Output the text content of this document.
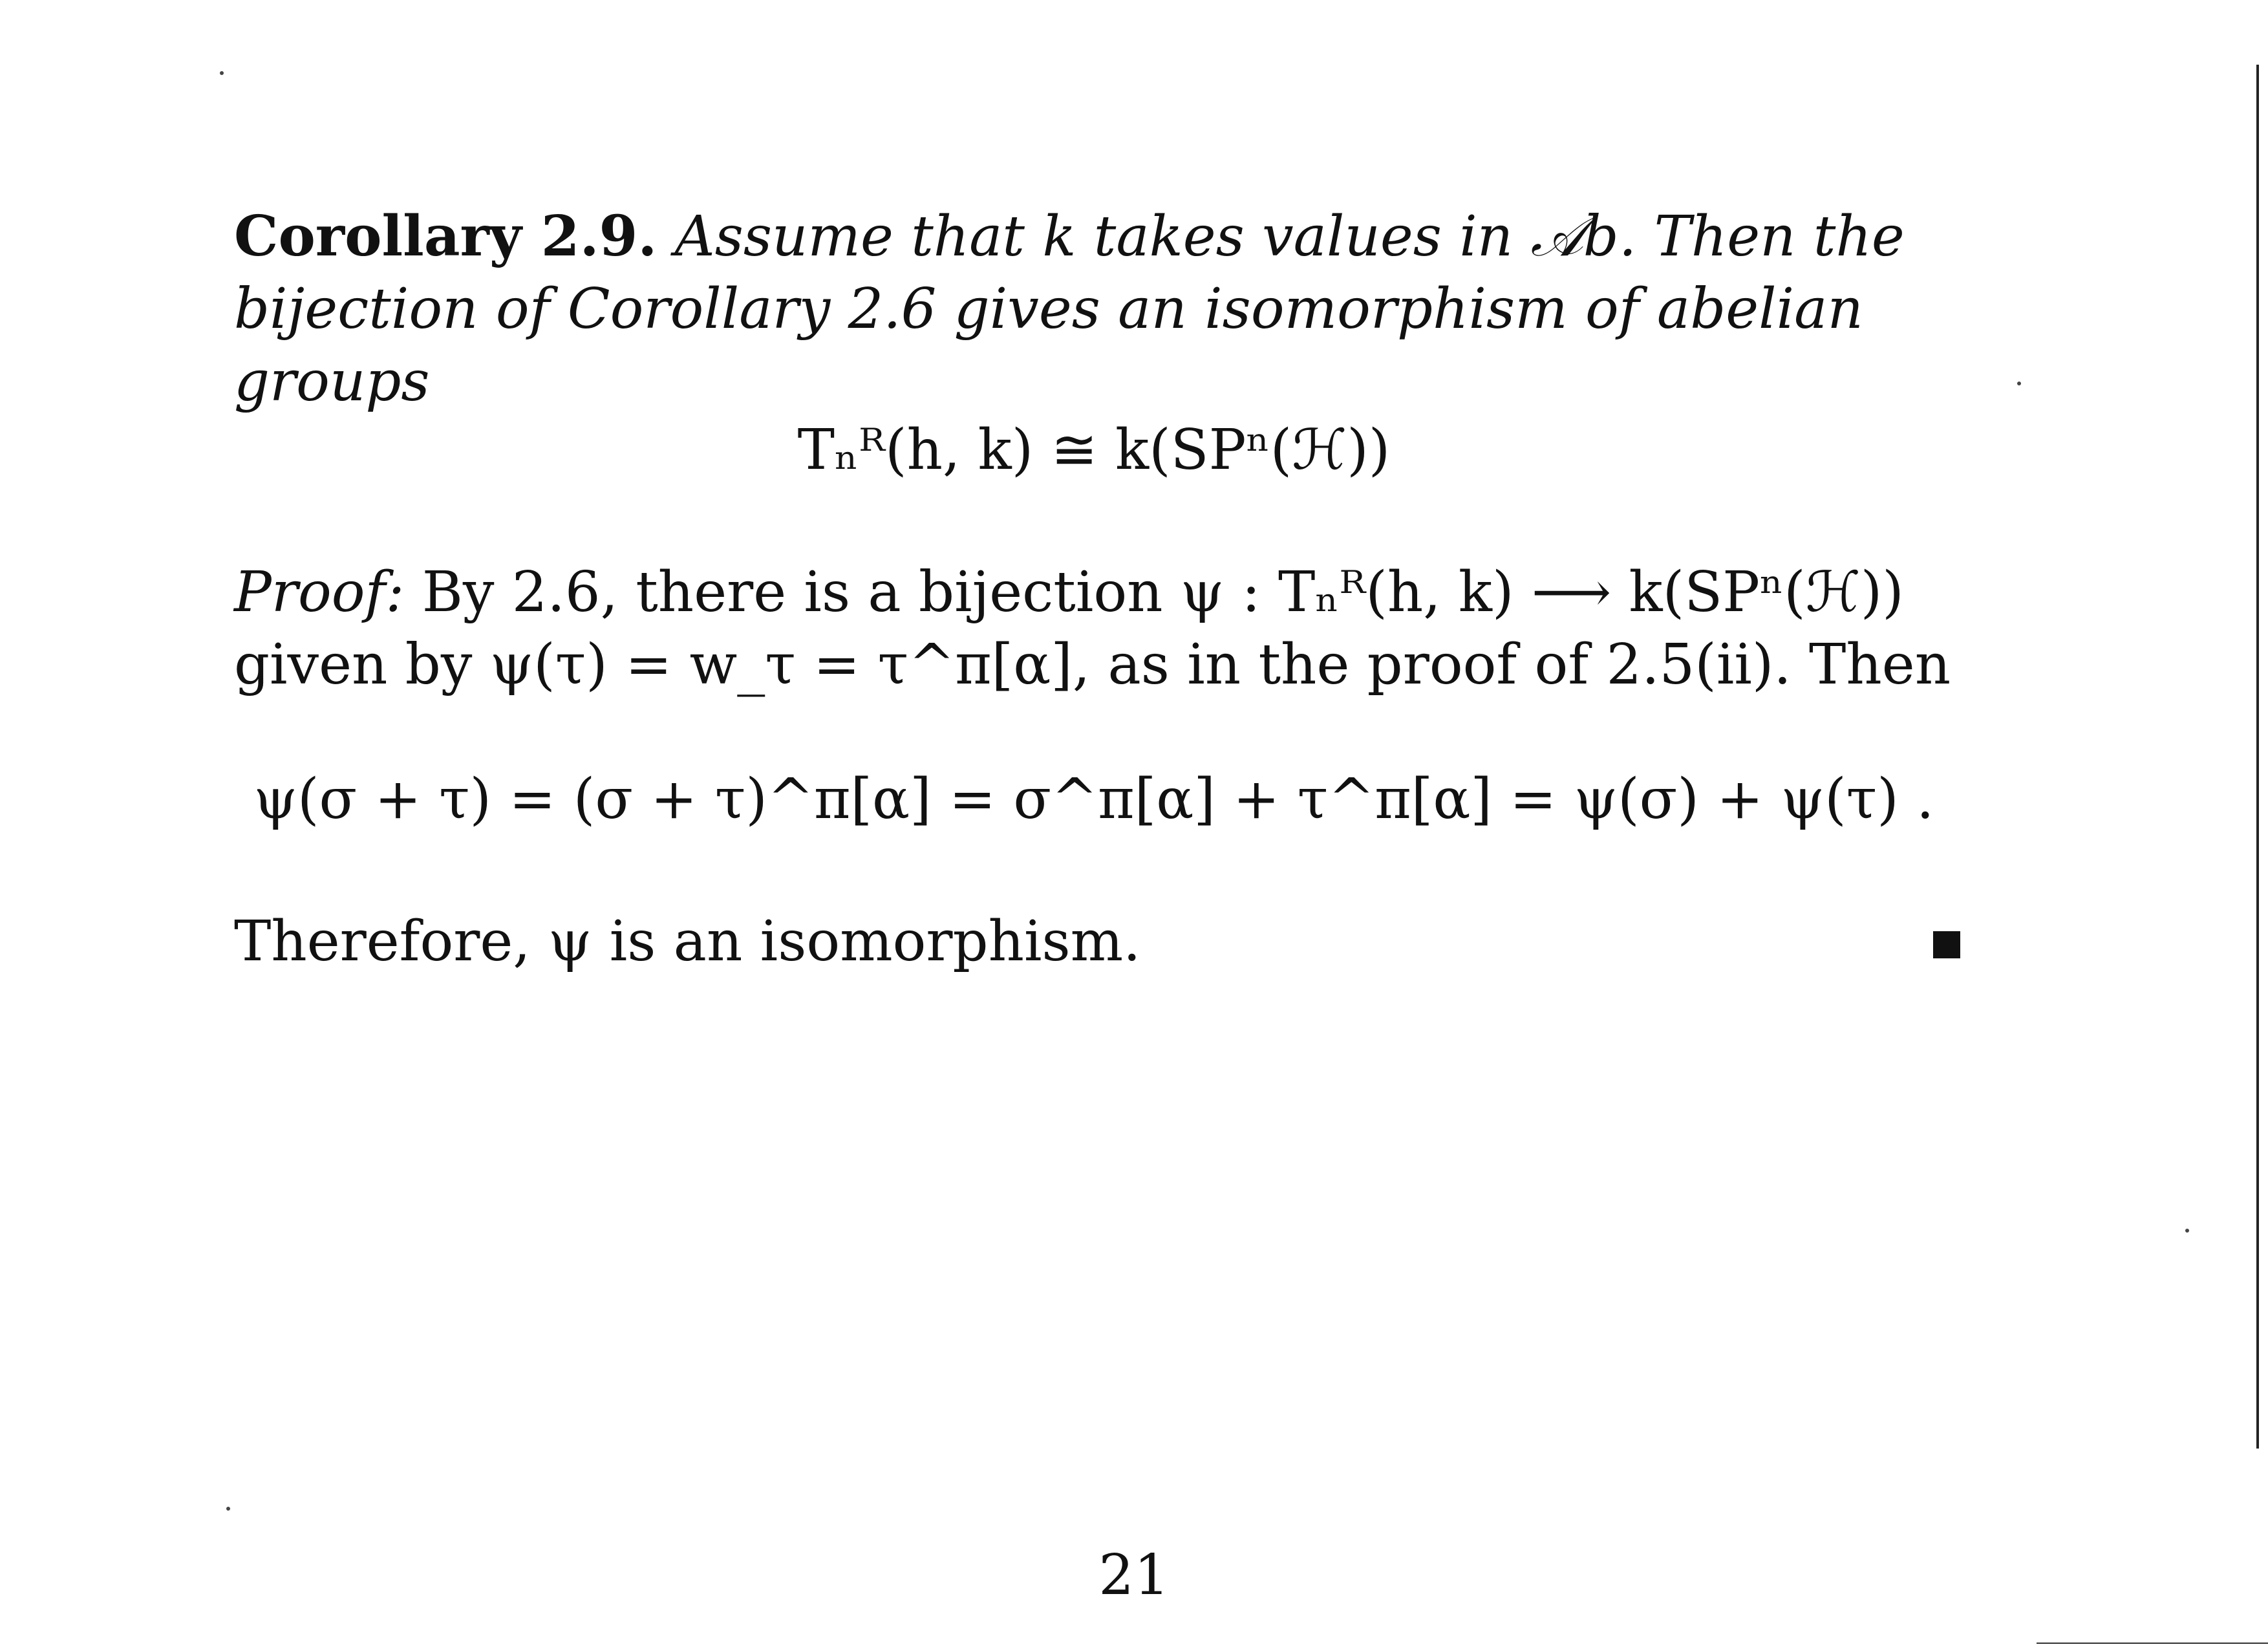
Corollary 2.9. Assume that k takes values in 𝒜b. Then the bijection of Corollary 2.6 gives an isomorphism of abelian groups
Tₙᴿ(h, k) ≅ k(SPⁿ(ℋ))
Proof: By 2.6, there is a bijection ψ : Tₙᴿ(h, k) ⟶ k(SPⁿ(ℋ)) given by ψ(τ) = w_τ = τ^π[α], as in the proof of 2.5(ii). Then
ψ(σ + τ) = (σ + τ)^π[α] = σ^π[α] + τ^π[α] = ψ(σ) + ψ(τ) .
Therefore, ψ is an isomorphism.
21
